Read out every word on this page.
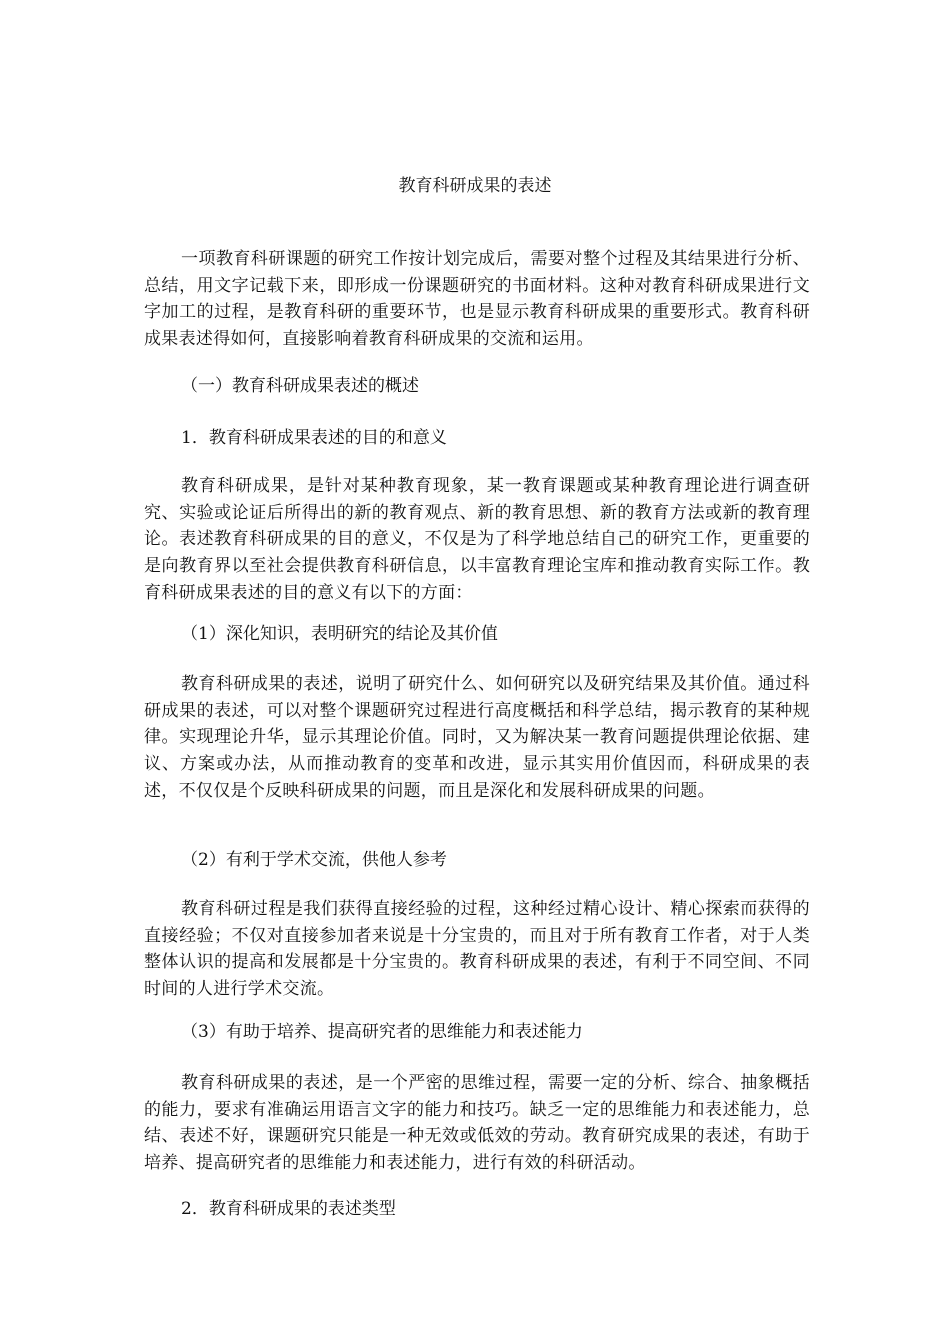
教育科研成果的表述

一项教育科研课题的研究工作按计划完成后，需要对整个过程及其结果进行分析、总结，用文字记载下来，即形成一份课题研究的书面材料。这种对教育科研成果进行文字加工的过程，是教育科研的重要环节，也是显示教育科研成果的重要形式。教育科研成果表述得如何，直接影响着教育科研成果的交流和运用。

（一）教育科研成果表述的概述
1．教育科研成果表述的目的和意义

教育科研成果，是针对某种教育现象，某一教育课题或某种教育理论进行调查研究、实验或论证后所得出的新的教育观点、新的教育思想、新的教育方法或新的教育理论。表述教育科研成果的目的意义，不仅是为了科学地总结自己的研究工作，更重要的是向教育界以至社会提供教育科研信息，以丰富教育理论宝库和推动教育实际工作。教育科研成果表述的目的意义有以下的方面：

（1）深化知识，表明研究的结论及其价值

教育科研成果的表述，说明了研究什么、如何研究以及研究结果及其价值。通过科研成果的表述，可以对整个课题研究过程进行高度概括和科学总结，揭示教育的某种规律。实现理论升华，显示其理论价值。同时，又为解决某一教育问题提供理论依据、建议、方案或办法，从而推动教育的变革和改进，显示其实用价值因而，科研成果的表述，不仅仅是个反映科研成果的问题，而且是深化和发展科研成果的问题。

（2）有利于学术交流，供他人参考

教育科研过程是我们获得直接经验的过程，这种经过精心设计、精心探索而获得的直接经验；不仅对直接参加者来说是十分宝贵的，而且对于所有教育工作者，对于人类整体认识的提高和发展都是十分宝贵的。教育科研成果的表述，有利于不同空间、不同时间的人进行学术交流。

（3）有助于培养、提高研究者的思维能力和表述能力

教育科研成果的表述，是一个严密的思维过程，需要一定的分析、综合、抽象概括的能力，要求有准确运用语言文字的能力和技巧。缺乏一定的思维能力和表述能力，总结、表述不好，课题研究只能是一种无效或低效的劳动。教育研究成果的表述，有助于培养、提高研究者的思维能力和表述能力，进行有效的科研活动。

2．教育科研成果的表述类型
